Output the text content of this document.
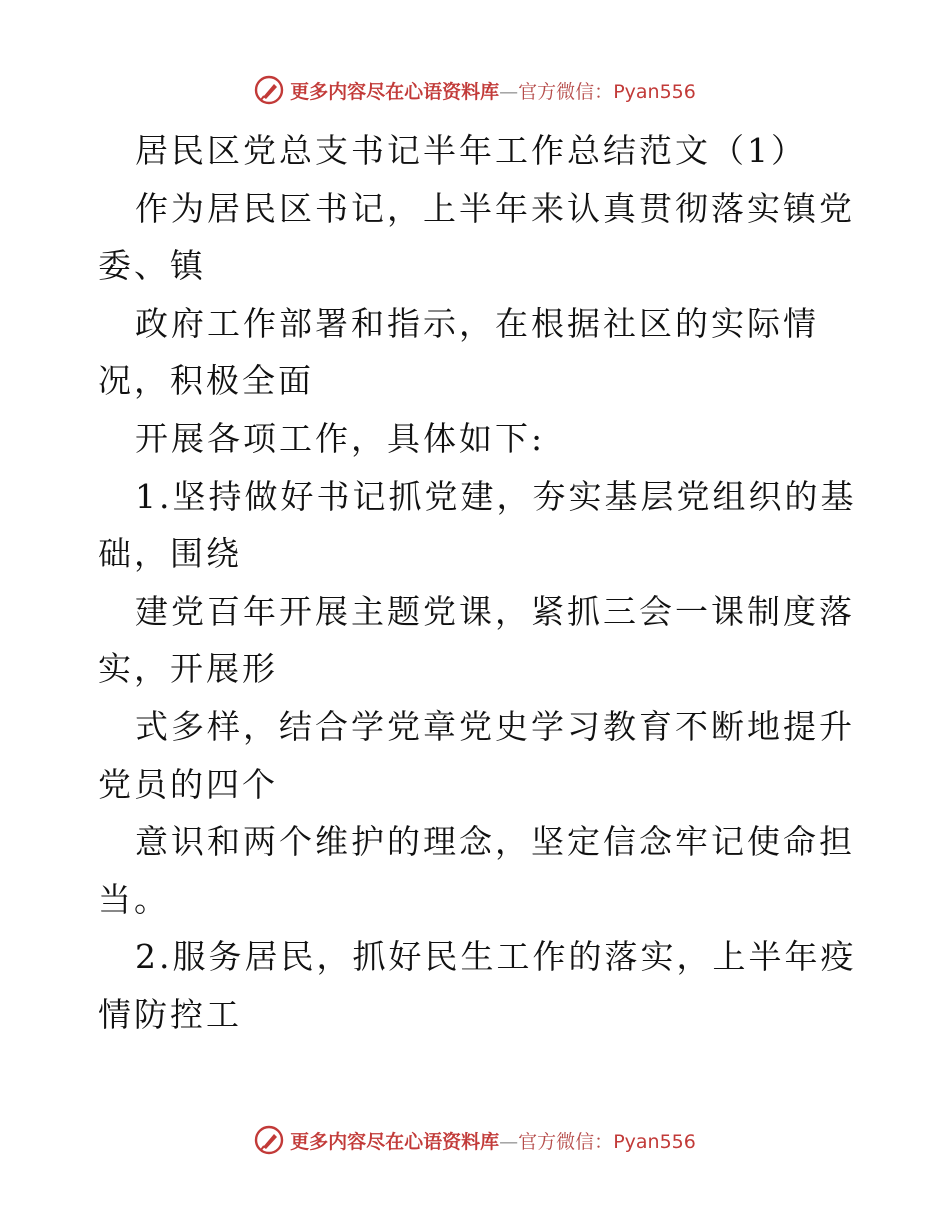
更多内容尽在心语资料库—官方微信：Pyan556

居民区党总支书记半年工作总结范文（1）

作为居民区书记，上半年来认真贯彻落实镇党委、镇

政府工作部署和指示，在根据社区的实际情况，积极全面

开展各项工作，具体如下:

1.坚持做好书记抓党建，夯实基层党组织的基础，围绕

建党百年开展主题党课，紧抓三会一课制度落实，开展形

式多样，结合学党章党史学习教育不断地提升党员的四个

意识和两个维护的理念，坚定信念牢记使命担当。

2.服务居民，抓好民生工作的落实，上半年疫情防控工

更多内容尽在心语资料库—官方微信：Pyan556
